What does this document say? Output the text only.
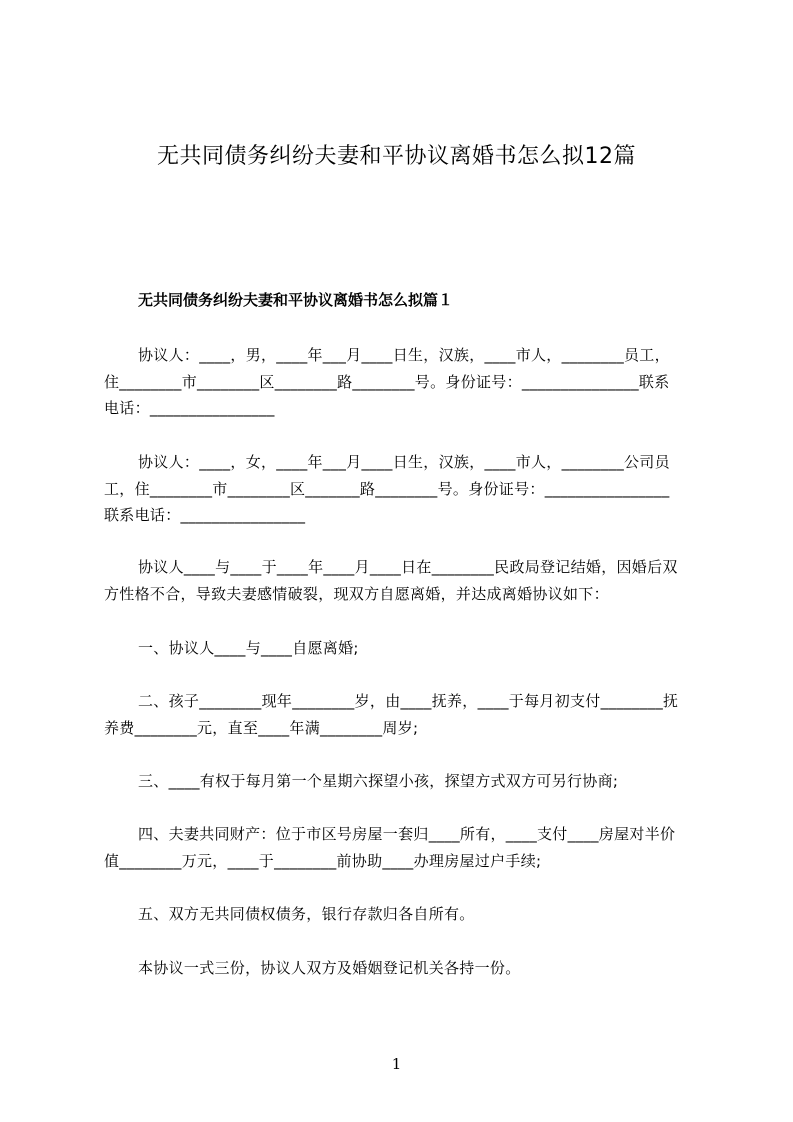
无共同债务纠纷夫妻和平协议离婚书怎么拟12篇
无共同债务纠纷夫妻和平协议离婚书怎么拟篇１
协议人：____，男，____年___月____日生，汉族，____市人，________员工，
住________市________区________路________号。身份证号：_______________联系
电话：________________
协议人：____，女，____年___月____日生，汉族，____市人，________公司员
工，住________市________区_______路________号。身份证号：________________
联系电话：________________
协议人____与____于____年____月____日在________民政局登记结婚，因婚后双
方性格不合，导致夫妻感情破裂，现双方自愿离婚，并达成离婚协议如下：
一、协议人____与____自愿离婚;
二、孩子________现年________岁，由____抚养，____于每月初支付________抚
养费________元，直至____年满________周岁;
三、____有权于每月第一个星期六探望小孩，探望方式双方可另行协商;
四、夫妻共同财产：位于市区号房屋一套归____所有，____支付____房屋对半价
值________万元，____于________前协助____办理房屋过户手续;
五、双方无共同债权债务，银行存款归各自所有。
本协议一式三份，协议人双方及婚姻登记机关各持一份。
1
